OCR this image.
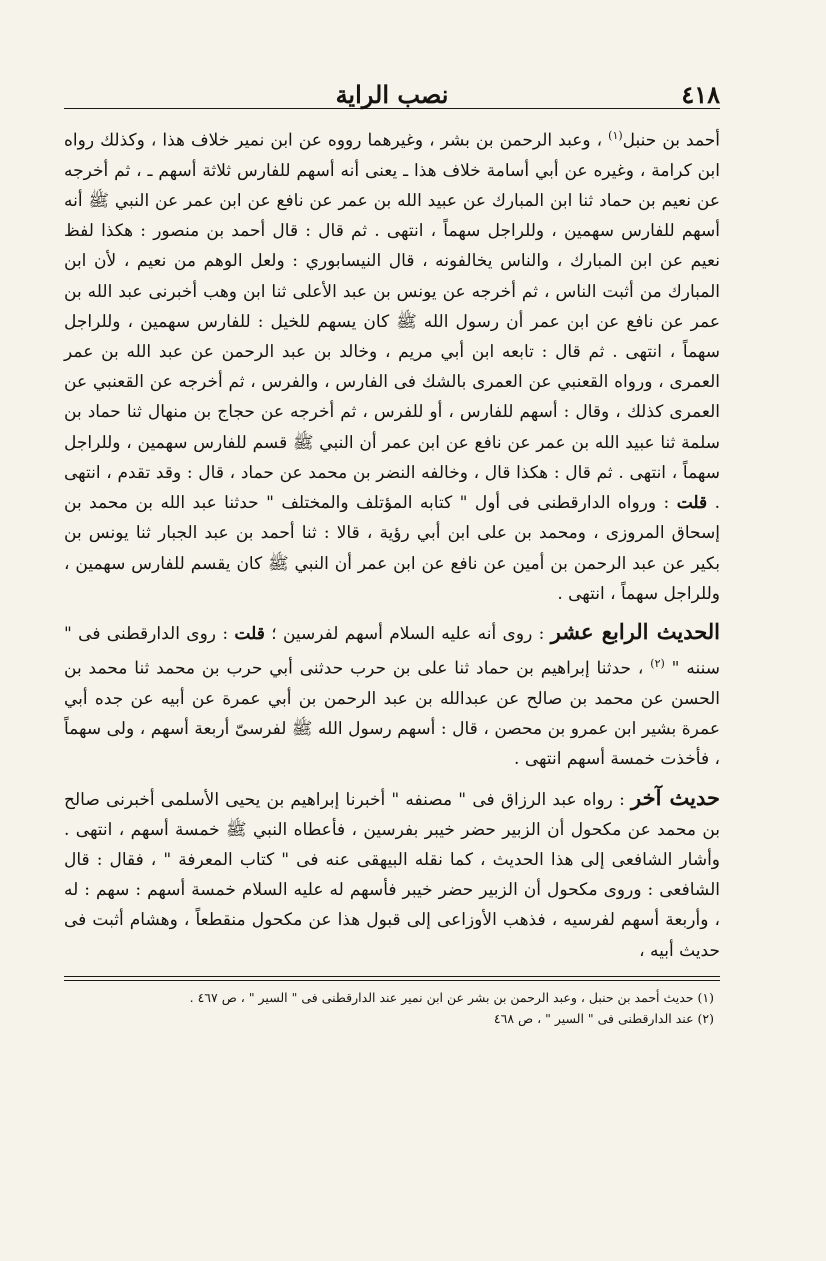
نصب الراية	٤١٨

أحمد بن حنبل$^{(١)}$ ، وعبد الرحمن بن بشر ، وغيرهما رووه عن ابن نمير خلاف هذا ، وكذلك رواه ابن كرامة ، وغيره عن أبي أسامة خلاف هذا ـ يعنى أنه أسهم للفارس ثلاثة أسهم ـ ، ثم أخرجه عن نعيم بن حماد ثنا ابن المبارك عن عبيد الله بن عمر عن نافع عن ابن عمر عن النبي ﷺ أنه أسهم للفارس سهمين ، وللراجل سهماً ، انتهى . ثم قال : قال أحمد بن منصور : هكذا لفظ نعيم عن ابن المبارك ، والناس يخالفونه ، قال النيسابوري : ولعل الوهم من نعيم ، لأن ابن المبارك من أثبت الناس ، ثم أخرجه عن يونس بن عبد الأعلى ثنا ابن وهب أخبرنى عبد الله بن عمر عن نافع عن ابن عمر أن رسول الله ﷺ كان يسهم للخيل : للفارس سهمين ، وللراجل سهماً ، انتهى . ثم قال : تابعه ابن أبي مريم ، وخالد بن عبد الرحمن عن عبد الله بن عمر العمرى ، ورواه القعنبي عن العمرى بالشك فى الفارس ، والفرس ، ثم أخرجه عن القعنبي عن العمرى كذلك ، وقال : أسهم للفارس ، أو للفرس ، ثم أخرجه عن حجاج بن منهال ثنا حماد بن سلمة ثنا عبيد الله بن عمر عن نافع عن ابن عمر أن النبي ﷺ قسم للفارس سهمين ، وللراجل سهماً ، انتهى . ثم قال : هكذا قال ، وخالفه النضر بن محمد عن حماد ، قال : وقد تقدم ، انتهى . قلت : ورواه الدارقطنى فى أول " كتابه المؤتلف والمختلف " حدثنا عبد الله بن محمد بن إسحاق المروزى ، ومحمد بن على ابن أبي رؤية ، قالا : ثنا أحمد بن عبد الجبار ثنا يونس بن بكير عن عبد الرحمن بن أمين عن نافع عن ابن عمر أن النبي ﷺ كان يقسم للفارس سهمين ، وللراجل سهماً ، انتهى .

الحديث الرابع عشر : روى أنه عليه السلام أسهم لفرسين ؛ قلت : روى الدارقطنى فى " سننه " $^{(٢)}$ ، حدثنا إبراهيم بن حماد ثنا على بن حرب حدثنى أبي حرب بن محمد ثنا محمد بن الحسن عن محمد بن صالح عن عبدالله بن عبد الرحمن بن أبي عمرة عن أبيه عن جده أبي عمرة بشير ابن عمرو بن محصن ، قال : أسهم رسول الله ﷺ لفرسىّ أربعة أسهم ، ولى سهماً ، فأخذت خمسة أسهم انتهى .

حديث آخر : رواه عبد الرزاق فى " مصنفه " أخبرنا إبراهيم بن يحيى الأسلمى أخبرنى صالح بن محمد عن مكحول أن الزبير حضر خيبر بفرسين ، فأعطاه النبي ﷺ خمسة أسهم ، انتهى . وأشار الشافعى إلى هذا الحديث ، كما نقله البيهقى عنه فى " كتاب المعرفة " ، فقال : قال الشافعى : وروى مكحول أن الزبير حضر خيبر فأسهم له عليه السلام خمسة أسهم : سهم : له ، وأربعة أسهم لفرسيه ، فذهب الأوزاعى إلى قبول هذا عن مكحول منقطعاً ، وهشام أثبت فى حديث أبيه ،

(١) حديث أحمد بن حنبل ، وعبد الرحمن بن بشر عن ابن نمير عند الدارقطنى فى " السير " ، ص ٤٦٧ .

(٢) عند الدارقطنى فى " السير " ، ص ٤٦٨
